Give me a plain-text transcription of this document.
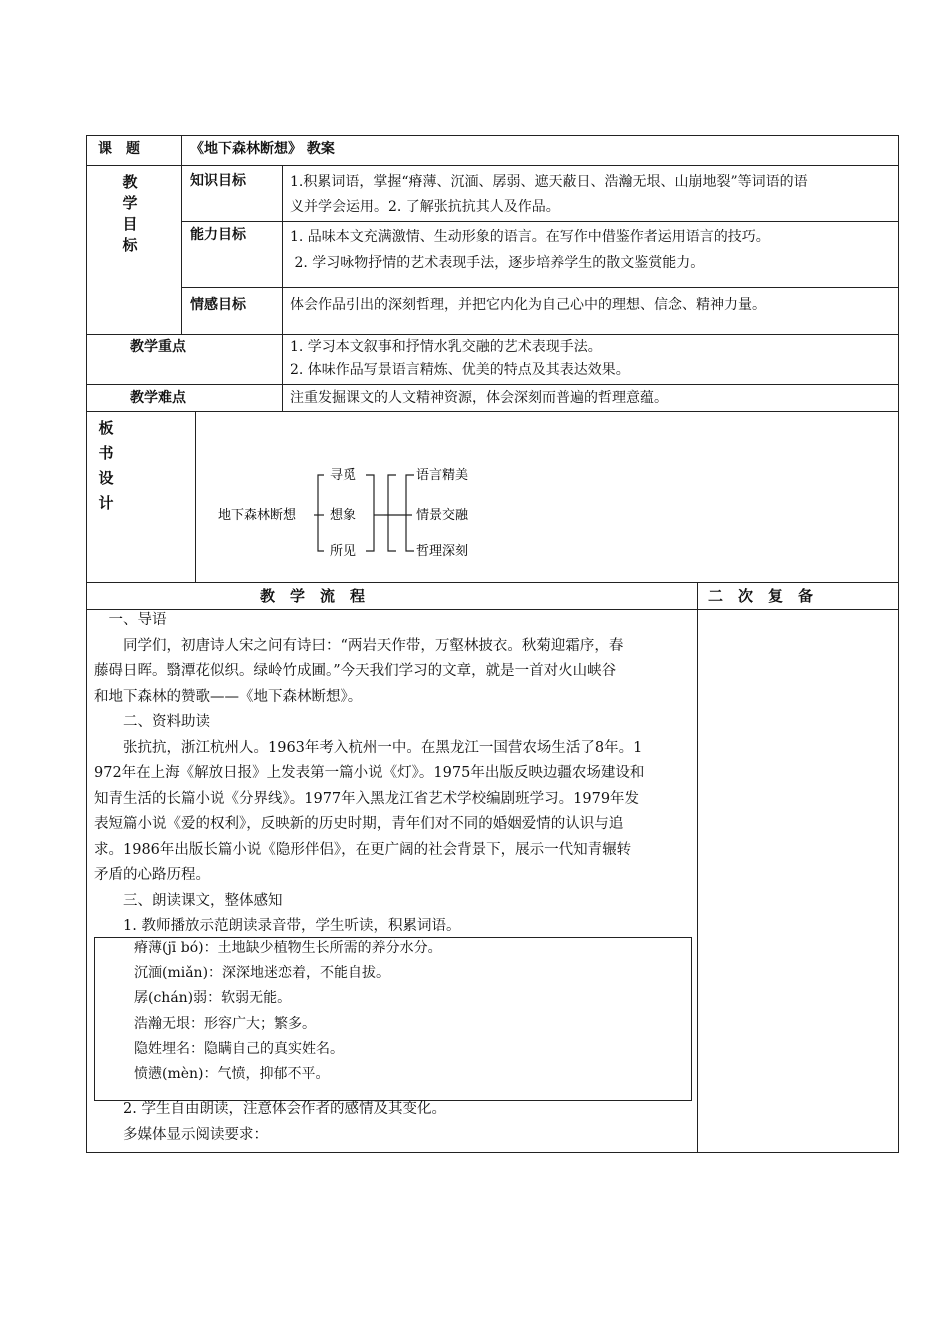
课　题	《地下森林断想》 教案
教
学
目
标
知识目标	1.积累词语，掌握“瘠薄、沉湎、孱弱、遮天蔽日、浩瀚无垠、山崩地裂”等词语的语
义并学会运用。2. 了解张抗抗其人及作品。
能力目标	1. 品味本文充满激情、生动形象的语言。在写作中借鉴作者运用语言的技巧。
2. 学习咏物抒情的艺术表现手法，逐步培养学生的散文鉴赏能力。
情感目标	体会作品引出的深刻哲理，并把它内化为自己心中的理想、信念、精神力量。
教学重点	1. 学习本文叙事和抒情水乳交融的艺术表现手法。
2. 体味作品写景语言精炼、优美的特点及其表达效果。
教学难点	注重发掘课文的人文精神资源，体会深刻而普遍的哲理意蕴。
板
书
设
计
地下森林断想
寻觅
想象
所见
语言精美
情景交融
哲理深刻
教　学　流　程	二　次　复　备

　一、导语

　　同学们，初唐诗人宋之问有诗曰：“两岩天作带，万壑林披衣。秋菊迎霜序，春

藤碍日晖。翳潭花似织。绿岭竹成圃。”今天我们学习的文章，就是一首对火山峡谷

和地下森林的赞歌——《地下森林断想》。

　　二、资料助读

　　张抗抗，浙江杭州人。1963年考入杭州一中。在黑龙江一国营农场生活了8年。1

972年在上海《解放日报》上发表第一篇小说《灯》。1975年出版反映边疆农场建设和

知青生活的长篇小说《分界线》。1977年入黑龙江省艺术学校编剧班学习。1979年发

表短篇小说《爱的权利》，反映新的历史时期，青年们对不同的婚姻爱情的认识与追

求。1986年出版长篇小说《隐形伴侣》，在更广阔的社会背景下，展示一代知青辗转

矛盾的心路历程。

　　三、朗读课文，整体感知

　　1. 教师播放示范朗读录音带，学生听读，积累词语。

瘠薄(jī bó)：土地缺少植物生长所需的养分水分。
沉湎(miǎn)：深深地迷恋着，不能自拔。
孱(chán)弱：软弱无能。
浩瀚无垠：形容广大；繁多。
隐姓埋名：隐瞒自己的真实姓名。
愤懑(mèn)：气愤，抑郁不平。

　　2. 学生自由朗读，注意体会作者的感情及其变化。

　　多媒体显示阅读要求：
